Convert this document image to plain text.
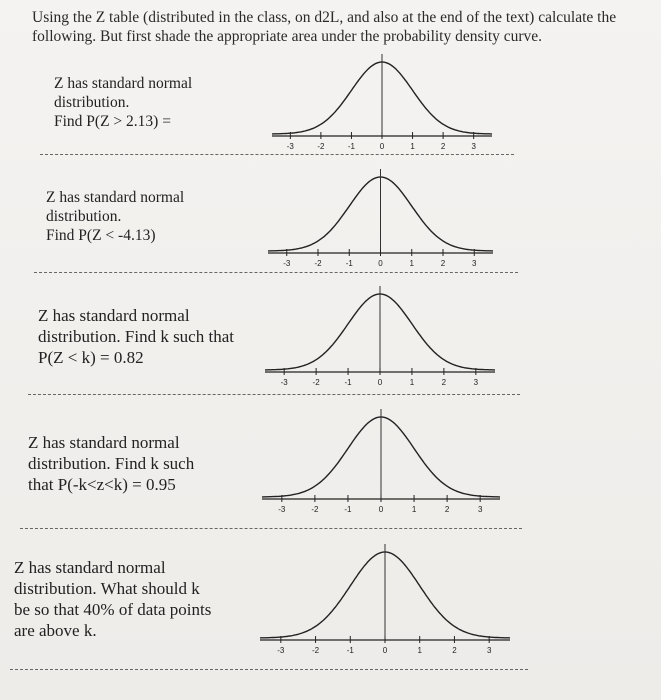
Using the Z table (distributed in the class, on d2L, and also at the end of the text) calculate the following. But first shade the appropriate area under the probability density curve.
Z has standard normal
distribution.
Find P(Z > 2.13) =
-3	-2	-1	0	1	2	3
Z has standard normal
distribution.
Find P(Z < -4.13)
-3	-2	-1	0	1	2	3
Z has standard normal
distribution. Find k such that
P(Z < k) = 0.82
-3	-2	-1	0	1	2	3
Z has standard normal
distribution. Find k such
that P(-k<z<k) = 0.95
-3	-2	-1	0	1	2	3
Z has standard normal
distribution. What should k
be so that 40% of data points
are above k.
-3	-2	-1	0	1	2	3
